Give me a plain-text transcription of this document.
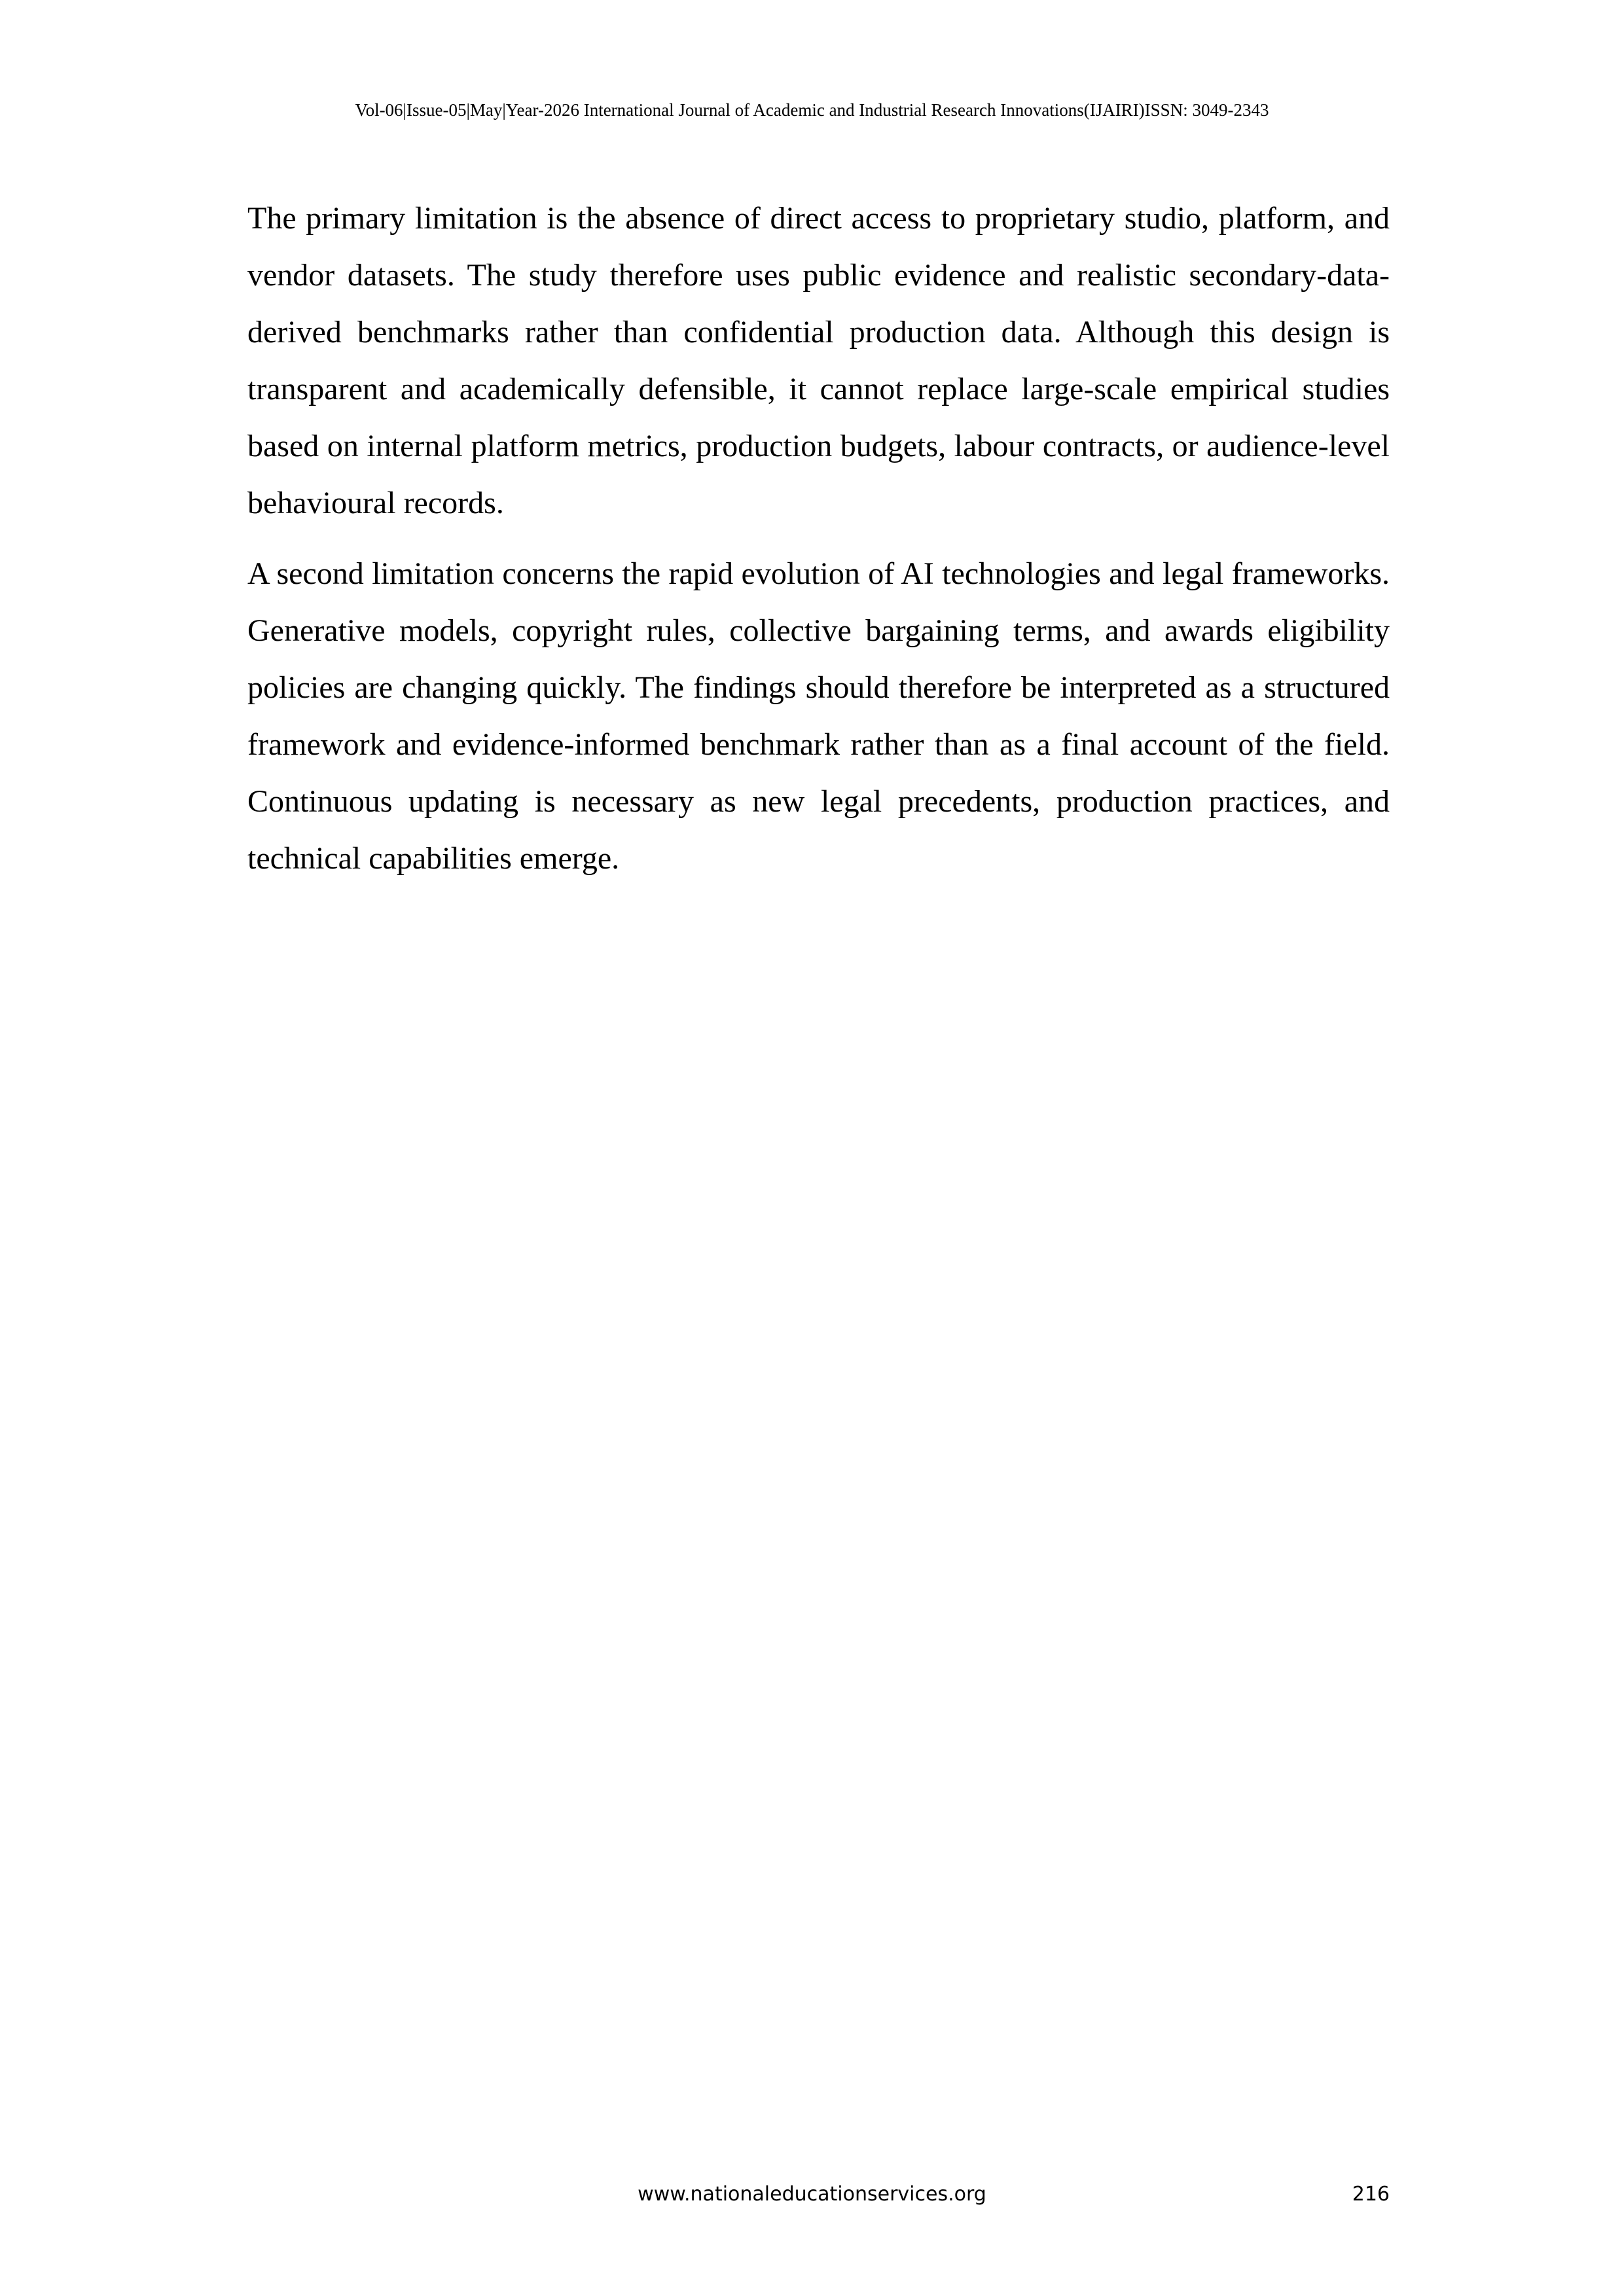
Vol-06|Issue-05|May|Year-2026 International Journal of Academic and Industrial Research Innovations(IJAIRI)ISSN: 3049-2343

The primary limitation is the absence of direct access to proprietary studio, platform, and vendor datasets. The study therefore uses public evidence and realistic secondary-data-derived benchmarks rather than confidential production data. Although this design is transparent and academically defensible, it cannot replace large-scale empirical studies based on internal platform metrics, production budgets, labour contracts, or audience-level behavioural records.

A second limitation concerns the rapid evolution of AI technologies and legal frameworks. Generative models, copyright rules, collective bargaining terms, and awards eligibility policies are changing quickly. The findings should therefore be interpreted as a structured framework and evidence-informed benchmark rather than as a final account of the field. Continuous updating is necessary as new legal precedents, production practices, and technical capabilities emerge.

www.nationaleducationservices.org	216
